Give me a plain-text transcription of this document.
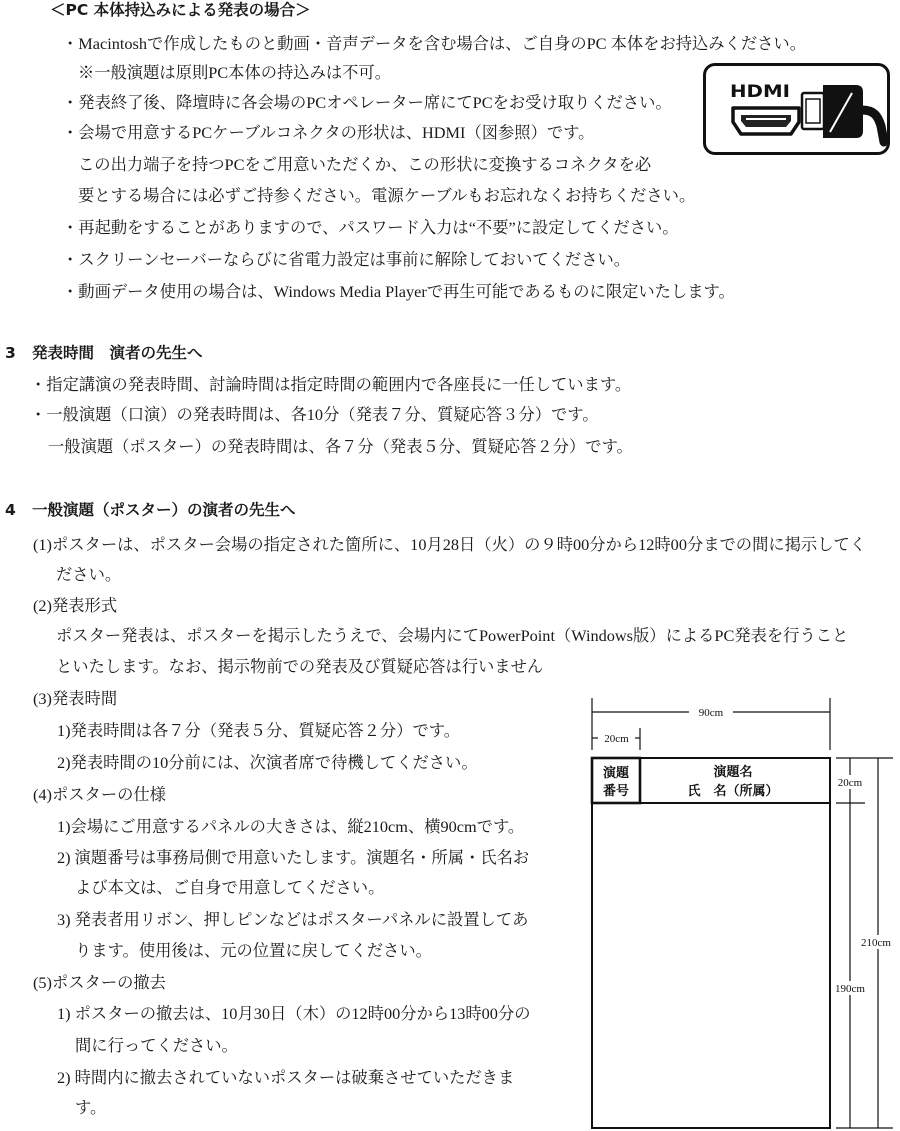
＜PC 本体持込みによる発表の場合＞
・Macintoshで作成したものと動画・音声データを含む場合は、ご自身のPC 本体をお持込みください。
※一般演題は原則PC本体の持込みは不可。
・発表終了後、降壇時に各会場のPCオペレーター席にてPCをお受け取りください。
・会場で用意するPCケーブルコネクタの形状は、HDMI（図参照）です。
この出力端子を持つPCをご用意いただくか、この形状に変換するコネクタを必
要とする場合には必ずご持参ください。電源ケーブルもお忘れなくお持ちください。
・再起動をすることがありますので、パスワード入力は“不要”に設定してください。
・スクリーンセーバーならびに省電力設定は事前に解除しておいてください。
・動画データ使用の場合は、Windows Media Playerで再生可能であるものに限定いたします。
HDMI
3 発表時間　演者の先生へ
・指定講演の発表時間、討論時間は指定時間の範囲内で各座長に一任しています。
・一般演題（口演）の発表時間は、各10分（発表７分、質疑応答３分）です。
一般演題（ポスター）の発表時間は、各７分（発表５分、質疑応答２分）です。
4 一般演題（ポスター）の演者の先生へ
(1)ポスターは、ポスター会場の指定された箇所に、10月28日（火）の９時00分から12時00分までの間に掲示してく
ださい。
(2)発表形式
ポスター発表は、ポスターを掲示したうえで、会場内にてPowerPoint（Windows版）によるPC発表を行うこと
といたします。なお、掲示物前での発表及び質疑応答は行いません
(3)発表時間
1)発表時間は各７分（発表５分、質疑応答２分）です。
2)発表時間の10分前には、次演者席で待機してください。
(4)ポスターの仕様
1)会場にご用意するパネルの大きさは、縦210cm、横90cmです。
2) 演題番号は事務局側で用意いたします。演題名・所属・氏名お
よび本文は、ご自身で用意してください。
3) 発表者用リボン、押しピンなどはポスターパネルに設置してあ
ります。使用後は、元の位置に戻してください。
(5)ポスターの撤去
1) ポスターの撤去は、10月30日（木）の12時00分から13時00分の
間に行ってください。
2) 時間内に撤去されていないポスターは破棄させていただきま
す。
90cm
20cm
演題
番号
演題名
氏　名（所属）	20cm
210cm
190cm
